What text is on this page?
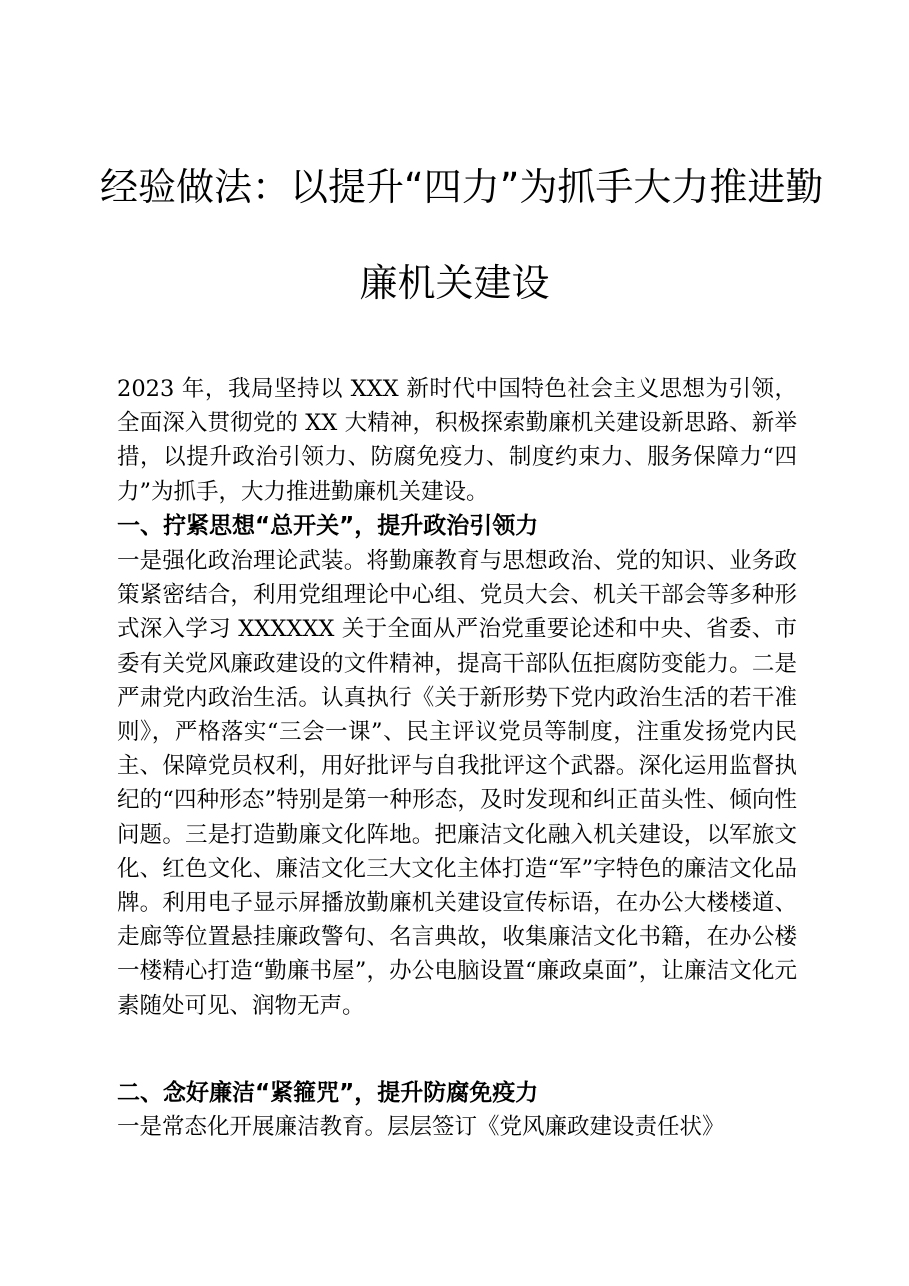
经验做法：以提升“四力”为抓手大力推进勤
廉机关建设

2023 年，我局坚持以 XXX 新时代中国特色社会主义思想为引领，全面深入贯彻党的 XX 大精神，积极探索勤廉机关建设新思路、新举措，以提升政治引领力、防腐免疫力、制度约束力、服务保障力“四力”为抓手，大力推进勤廉机关建设。

一、拧紧思想“总开关”，提升政治引领力

一是强化政治理论武装。将勤廉教育与思想政治、党的知识、业务政策紧密结合，利用党组理论中心组、党员大会、机关干部会等多种形式深入学习 XXXXXX 关于全面从严治党重要论述和中央、省委、市委有关党风廉政建设的文件精神，提高干部队伍拒腐防变能力。二是严肃党内政治生活。认真执行《关于新形势下党内政治生活的若干准则》，严格落实“三会一课”、民主评议党员等制度，注重发扬党内民主、保障党员权利，用好批评与自我批评这个武器。深化运用监督执纪的“四种形态”特别是第一种形态，及时发现和纠正苗头性、倾向性问题。三是打造勤廉文化阵地。把廉洁文化融入机关建设，以军旅文化、红色文化、廉洁文化三大文化主体打造“军”字特色的廉洁文化品牌。利用电子显示屏播放勤廉机关建设宣传标语，在办公大楼楼道、走廊等位置悬挂廉政警句、名言典故，收集廉洁文化书籍，在办公楼一楼精心打造“勤廉书屋”，办公电脑设置“廉政桌面”，让廉洁文化元素随处可见、润物无声。

二、念好廉洁“紧箍咒”，提升防腐免疫力

一是常态化开展廉洁教育。层层签订《党风廉政建设责任状》
